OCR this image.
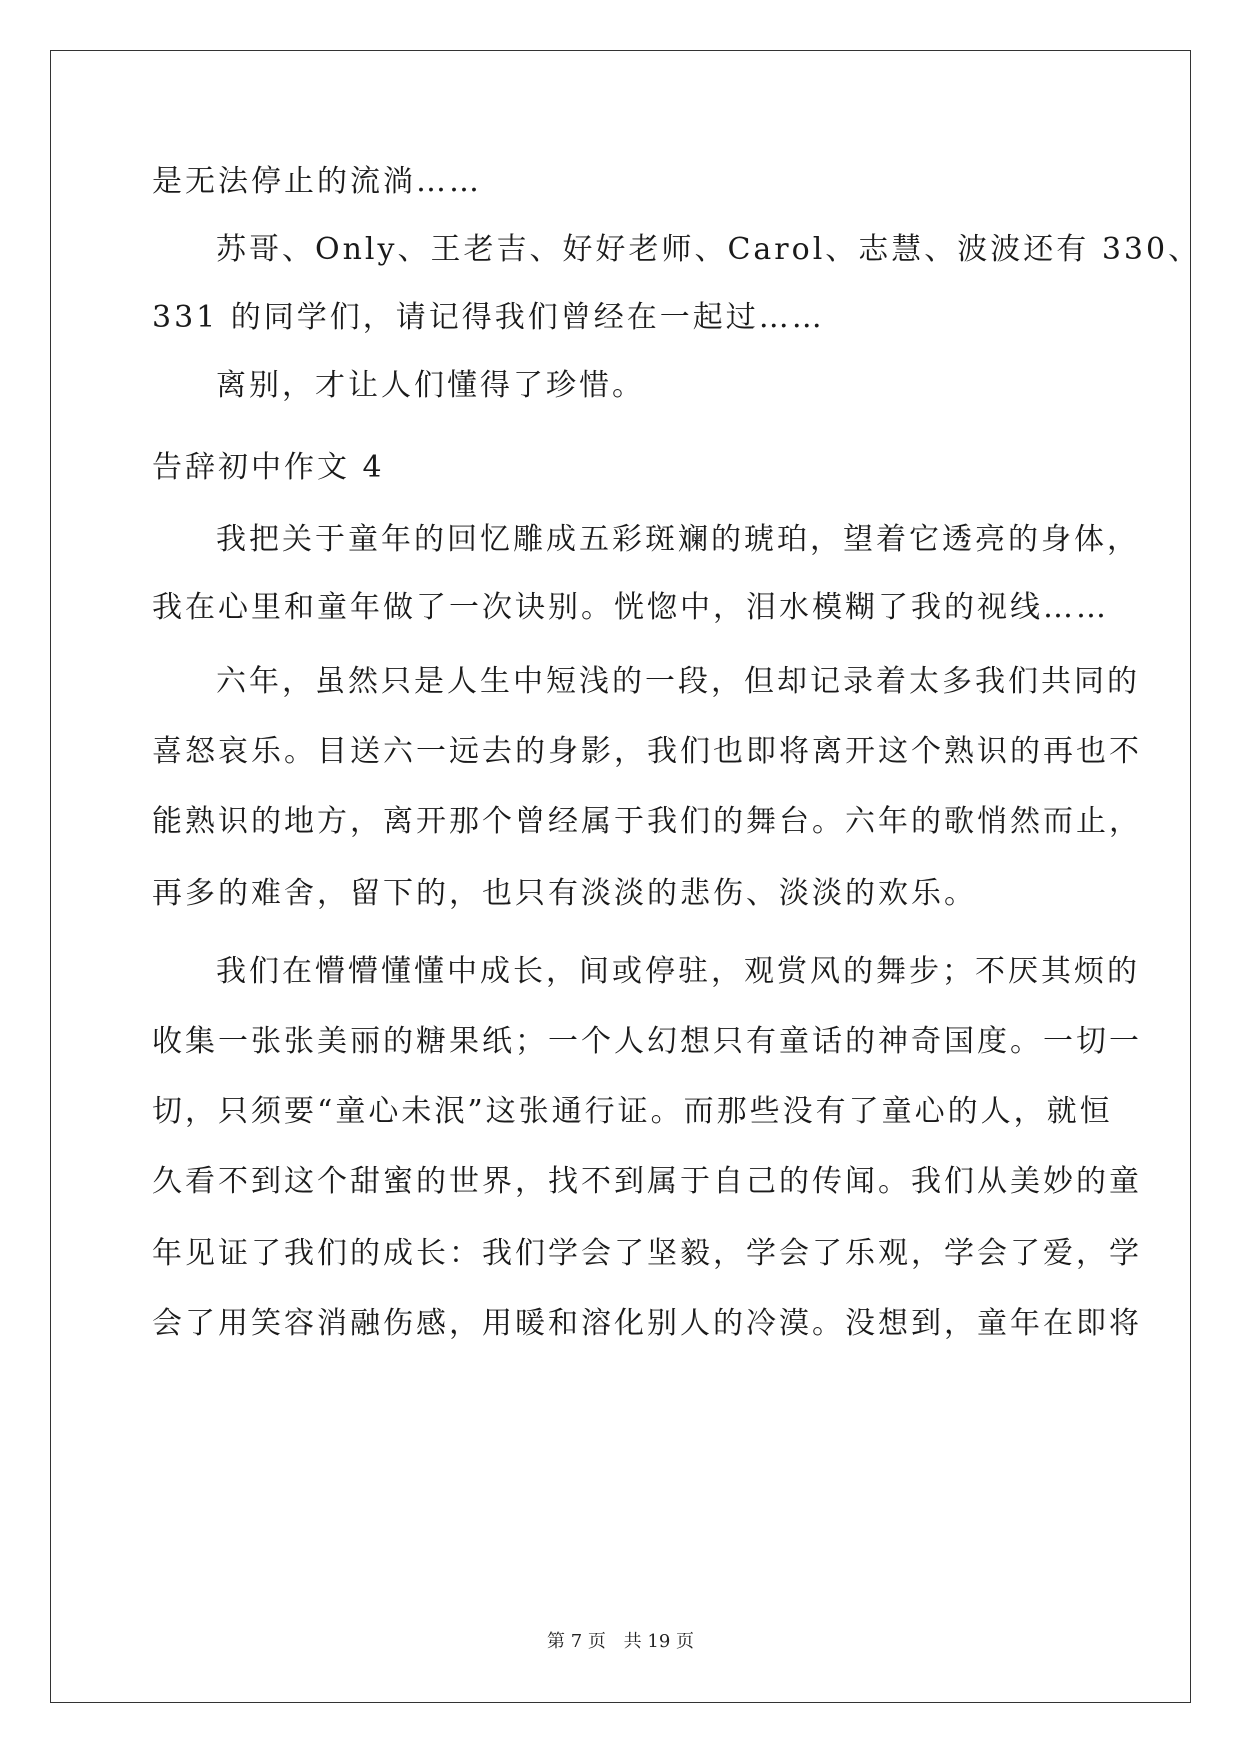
是无法停止的流淌……
苏哥、Only、王老吉、好好老师、Carol、志慧、波波还有 330、
331 的同学们，请记得我们曾经在一起过……
离别，才让人们懂得了珍惜。
告辞初中作文 4
我把关于童年的回忆雕成五彩斑斓的琥珀，望着它透亮的身体，
我在心里和童年做了一次诀别。恍惚中，泪水模糊了我的视线……
六年，虽然只是人生中短浅的一段，但却记录着太多我们共同的
喜怒哀乐。目送六一远去的身影，我们也即将离开这个熟识的再也不
能熟识的地方，离开那个曾经属于我们的舞台。六年的歌悄然而止，
再多的难舍，留下的，也只有淡淡的悲伤、淡淡的欢乐。
我们在懵懵懂懂中成长，间或停驻，观赏风的舞步；不厌其烦的
收集一张张美丽的糖果纸；一个人幻想只有童话的神奇国度。一切一
切，只须要“童心未泯”这张通行证。而那些没有了童心的人，就恒
久看不到这个甜蜜的世界，找不到属于自己的传闻。我们从美妙的童
年见证了我们的成长：我们学会了坚毅，学会了乐观，学会了爱，学
会了用笑容消融伤感，用暖和溶化别人的冷漠。没想到，童年在即将
第 7 页 共 19 页
